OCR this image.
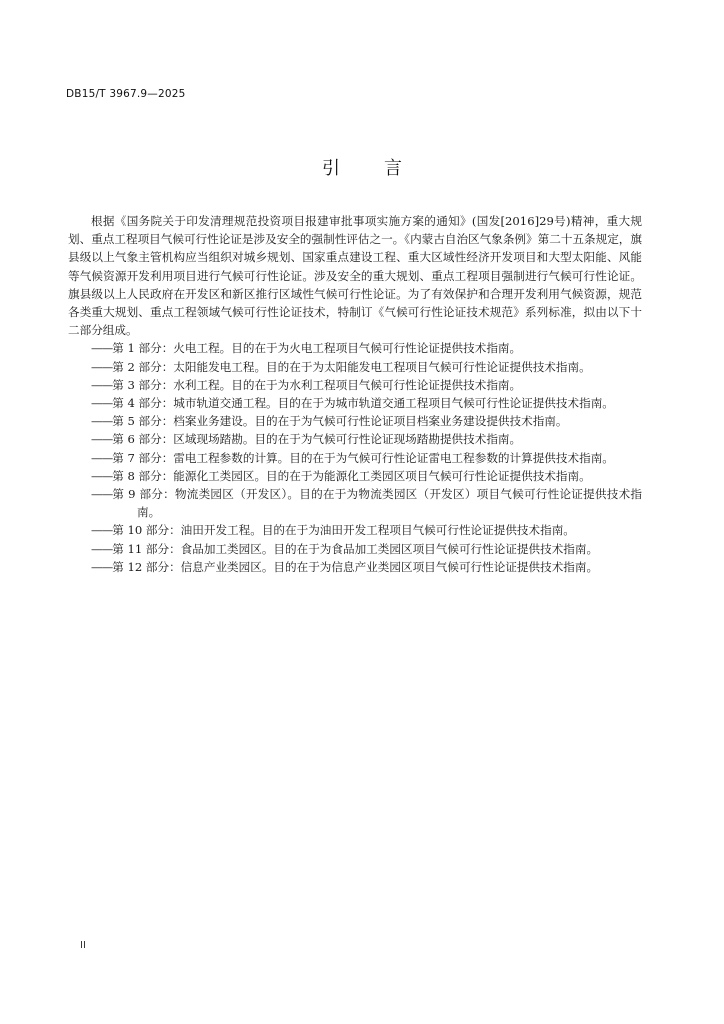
DB15/T 3967.9—2025
引言

根据《国务院关于印发清理规范投资项目报建审批事项实施方案的通知》(国发[2016]29号)精神，重大规划、重点工程项目气候可行性论证是涉及安全的强制性评估之一。《内蒙古自治区气象条例》第二十五条规定，旗县级以上气象主管机构应当组织对城乡规划、国家重点建设工程、重大区域性经济开发项目和大型太阳能、风能等气候资源开发利用项目进行气候可行性论证。涉及安全的重大规划、重点工程项目强制进行气候可行性论证。旗县级以上人民政府在开发区和新区推行区域性气候可行性论证。为了有效保护和合理开发利用气候资源，规范各类重大规划、重点工程领域气候可行性论证技术，特制订《气候可行性论证技术规范》系列标准，拟由以下十二部分组成。

——第 1 部分：火电工程。目的在于为火电工程项目气候可行性论证提供技术指南。
——第 2 部分：太阳能发电工程。目的在于为太阳能发电工程项目气候可行性论证提供技术指南。
——第 3 部分：水利工程。目的在于为水利工程项目气候可行性论证提供技术指南。
——第 4 部分：城市轨道交通工程。目的在于为城市轨道交通工程项目气候可行性论证提供技术指南。
——第 5 部分：档案业务建设。目的在于为气候可行性论证项目档案业务建设提供技术指南。
——第 6 部分：区域现场踏勘。目的在于为气候可行性论证现场踏勘提供技术指南。
——第 7 部分：雷电工程参数的计算。目的在于为气候可行性论证雷电工程参数的计算提供技术指南。
——第 8 部分：能源化工类园区。目的在于为能源化工类园区项目气候可行性论证提供技术指南。
——第 9 部分：物流类园区（开发区）。目的在于为物流类园区（开发区）项目气候可行性论证提供技术指南。
——第 10 部分：油田开发工程。目的在于为油田开发工程项目气候可行性论证提供技术指南。
——第 11 部分：食品加工类园区。目的在于为食品加工类园区项目气候可行性论证提供技术指南。
——第 12 部分：信息产业类园区。目的在于为信息产业类园区项目气候可行性论证提供技术指南。
II
